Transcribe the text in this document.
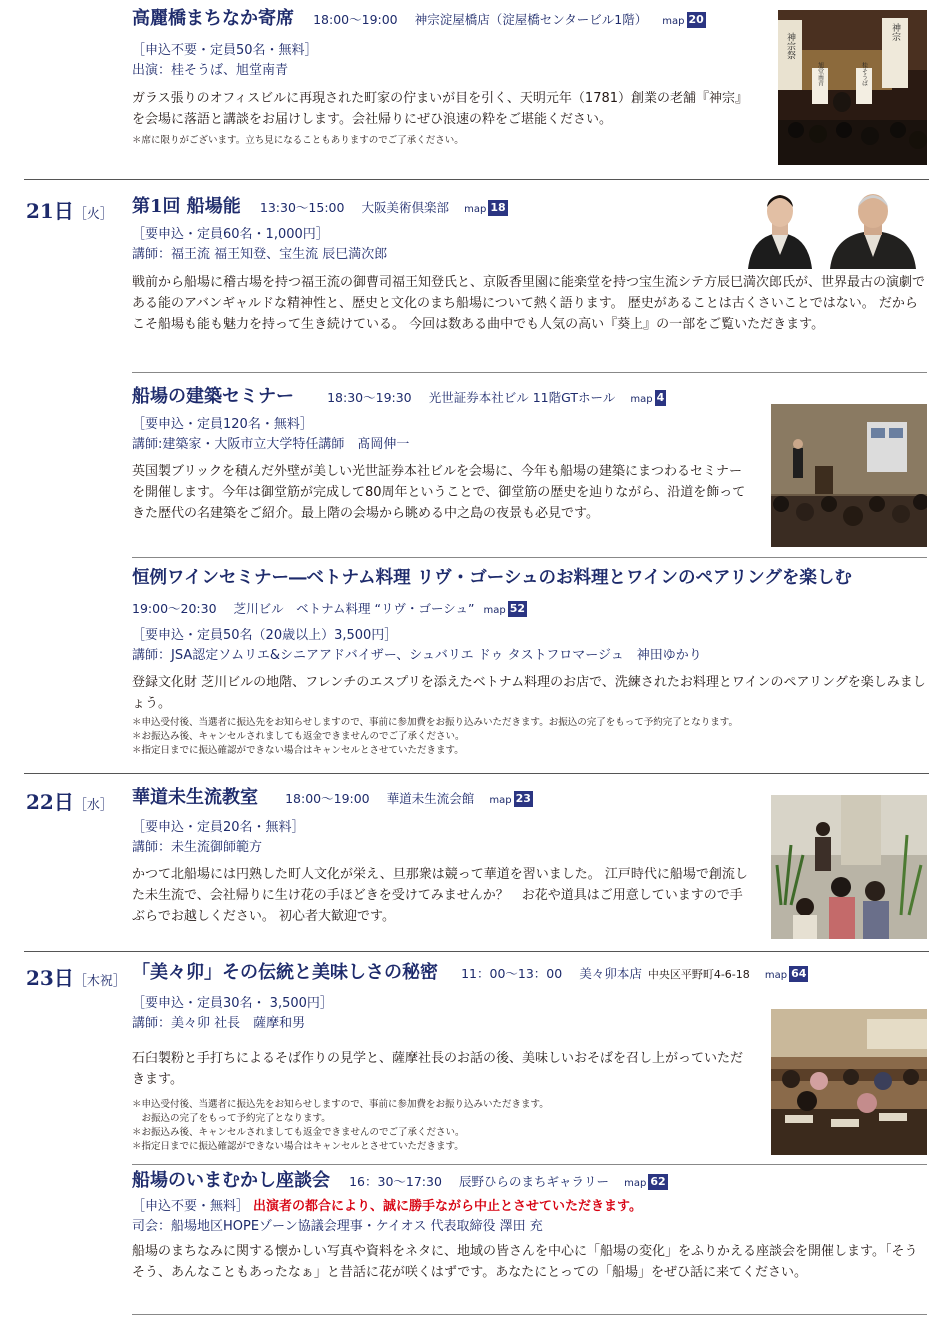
高麗橋まちなか寄席 18:00～19:00 神宗淀屋橋店（淀屋橋センタービル1階） map 20
［申込不要・定員50名・無料］
出演：桂そうば、旭堂南青
ガラス張りのオフィスビルに再現された町家の佇まいが目を引く、天明元年（1781）創業の老舗『神宗』を会場に落語と講談をお届けします。会社帰りにぜひ浪速の粋をご堪能ください。
＊席に限りがございます。立ち見になることもありますのでご了承ください。
神宗祭
神宗
旭堂南青	桂そうば
21日［火］ 第1回 船場能 13:30～15:00 大阪美術倶楽部 map 18
［要申込・定員60名・1,000円］
講師：福王流 福王知登、宝生流 辰巳満次郎
戦前から船場に稽古場を持つ福王流の御曹司福王知登氏と、京阪香里園に能楽堂を持つ宝生流シテ方辰巳満次郎氏が、世界最古の演劇である能のアバンギャルドな精神性と、歴史と文化のまち船場について熱く語ります。 歴史があることは古くさいことではない。 だからこそ船場も能も魅力を持って生き続けている。 今回は数ある曲中でも人気の高い『葵上』の一部をご覧いただきます。
船場の建築セミナー	18:30～19:30 光世証券本社ビル 11階GTホール map 4
［要申込・定員120名・無料］
講師:建築家・大阪市立大学特任講師　髙岡伸一
英国製ブリックを積んだ外壁が美しい光世証券本社ビルを会場に、今年も船場の建築にまつわるセミナーを開催します。今年は御堂筋が完成して80周年ということで、御堂筋の歴史を辿りながら、沿道を飾ってきた歴代の名建築をご紹介。最上階の会場から眺める中之島の夜景も必見です。
恒例ワインセミナー―ベトナム料理 リヴ・ゴーシュのお料理とワインのペアリングを楽しむ
19:00～20:30 芝川ビル　ベトナム料理 “リヴ・ゴーシュ” map 52
［要申込・定員50名（20歳以上）3,500円］
講師：JSA認定ソムリエ&シニアアドバイザー、シュバリエ ドゥ タストフロマージュ　神田ゆかり
登録文化財 芝川ビルの地階、フレンチのエスプリを添えたベトナム料理のお店で、洗練されたお料理とワインのペアリングを楽しみましょう。
＊申込受付後、当選者に振込先をお知らせしますので、事前に参加費をお振り込みいただきます。お振込の完了をもって予約完了となります。
＊お振込み後、キャンセルされましても返金できませんのでご了承ください。
＊指定日までに振込確認ができない場合はキャンセルとさせていただきます。
22日［水］ 華道未生流教室 18:00～19:00 華道未生流会館 map 23
［要申込・定員20名・無料］
講師：未生流御師範方
かつて北船場には円熟した町人文化が栄え、旦那衆は競って華道を習いました。 江戸時代に船場で創流した未生流で、会社帰りに生け花の手ほどきを受けてみませんか？　お花や道具はご用意していますので手ぶらでお越しください。 初心者大歓迎です。
23日［木祝］ 「美々卯」その伝統と美味しさの秘密 11：00～13：00 美々卯本店 中央区平野町4-6-18 map 64
［要申込・定員30名・ 3,500円］
講師：美々卯 社長　薩摩和男
石臼製粉と手打ちによるそば作りの見学と、薩摩社長のお話の後、美味しいおそばを召し上がっていただきます。
＊申込受付後、当選者に振込先をお知らせしますので、事前に参加費をお振り込みいただきます。
　お振込の完了をもって予約完了となります。
＊お振込み後、キャンセルされましても返金できませんのでご了承ください。
＊指定日までに振込確認ができない場合はキャンセルとさせていただきます。
船場のいまむかし座談会 16：30～17:30 辰野ひらのまちギャラリー map 62
［申込不要・無料］ 出演者の都合により、誠に勝手ながら中止とさせていただきます。
司会：船場地区HOPEゾーン協議会理事・ケイオス 代表取締役 澤田 充
船場のまちなみに関する懐かしい写真や資料をネタに、地域の皆さんを中心に「船場の変化」をふりかえる座談会を開催します。「そうそう、あんなこともあったなぁ」と昔話に花が咲くはずです。あなたにとっての「船場」をぜひ話に来てください。
